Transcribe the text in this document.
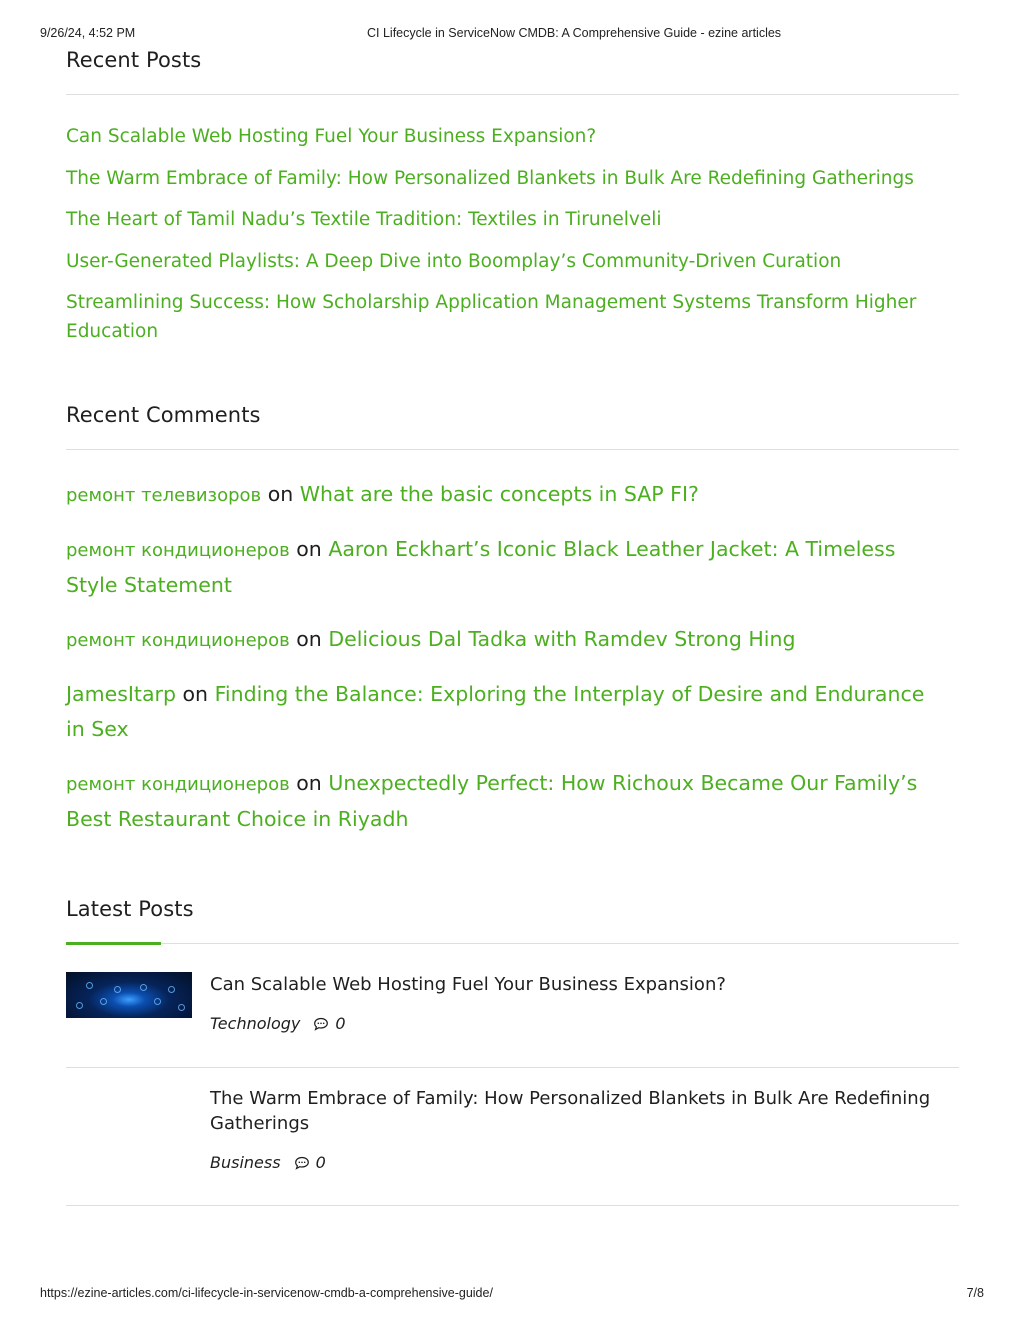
9/26/24, 4:52 PM	CI Lifecycle in ServiceNow CMDB: A Comprehensive Guide - ezine articles
Recent Posts
Can Scalable Web Hosting Fuel Your Business Expansion?
The Warm Embrace of Family: How Personalized Blankets in Bulk Are Redefining Gatherings
The Heart of Tamil Nadu’s Textile Tradition: Textiles in Tirunelveli
User-Generated Playlists: A Deep Dive into Boomplay’s Community-Driven Curation
Streamlining Success: How Scholarship Application Management Systems Transform Higher Education
Recent Comments
ремонт телевизоров on What are the basic concepts in SAP FI?
ремонт кондиционеров on Aaron Eckhart’s Iconic Black Leather Jacket: A Timeless Style Statement
ремонт кондиционеров on Delicious Dal Tadka with Ramdev Strong Hing
JamesItarp on Finding the Balance: Exploring the Interplay of Desire and Endurance in Sex
ремонт кондиционеров on Unexpectedly Perfect: How Richoux Became Our Family’s Best Restaurant Choice in Riyadh
Latest Posts
Can Scalable Web Hosting Fuel Your Business Expansion?
Technology 0
The Warm Embrace of Family: How Personalized Blankets in Bulk Are Redefining Gatherings
Business 0
https://ezine-articles.com/ci-lifecycle-in-servicenow-cmdb-a-comprehensive-guide/	7/8
